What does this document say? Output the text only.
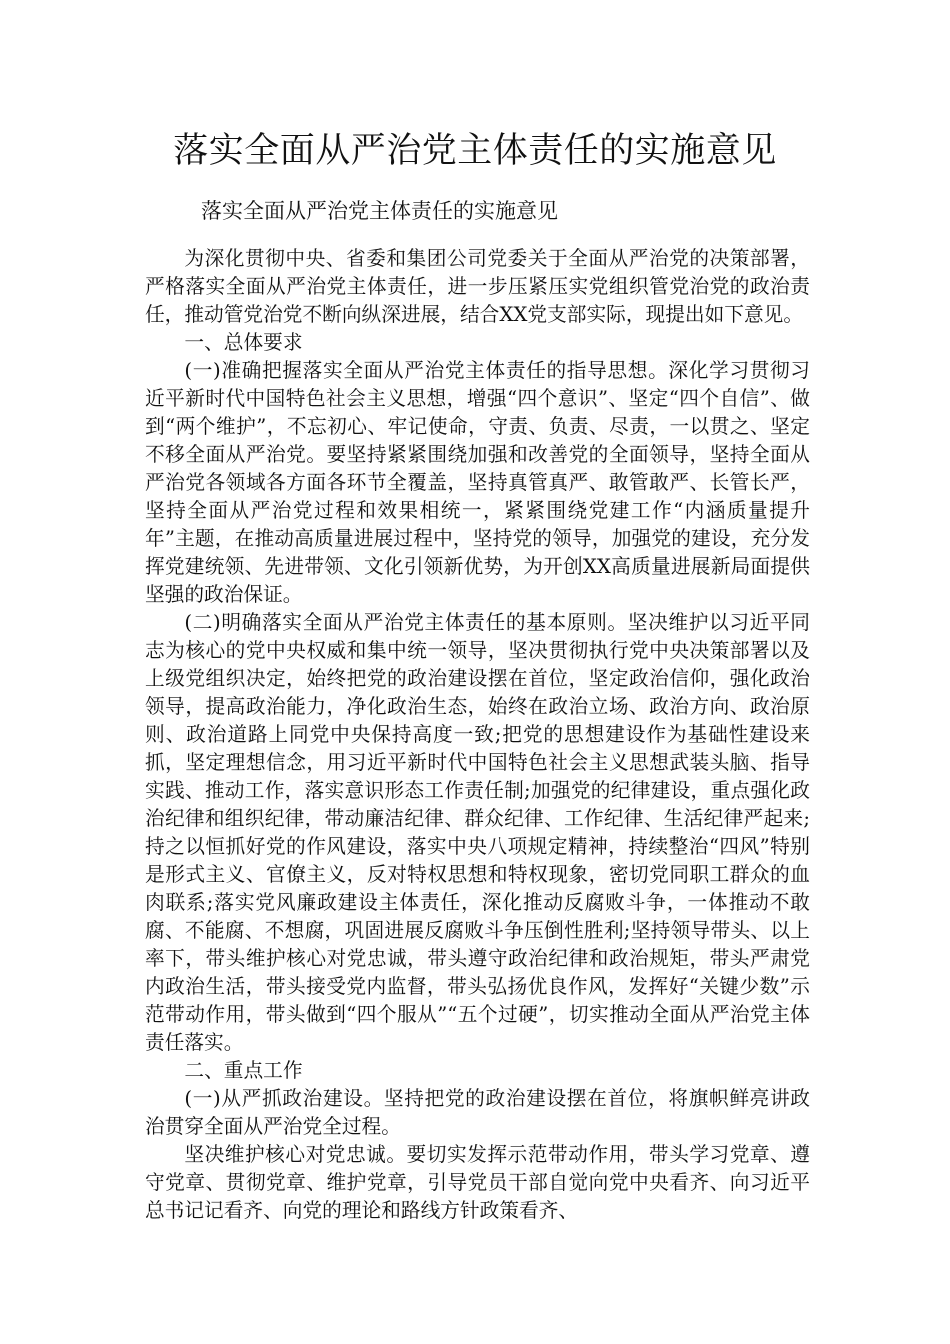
落实全面从严治党主体责任的实施意见
落实全面从严治党主体责任的实施意见

为深化贯彻中央、省委和集团公司党委关于全面从严治党的决策部署，严格落实全面从严治党主体责任，进一步压紧压实党组织管党治党的政治责任，推动管党治党不断向纵深进展，结合XX党支部实际，现提出如下意见。

一、总体要求

(一)准确把握落实全面从严治党主体责任的指导思想。深化学习贯彻习近平新时代中国特色社会主义思想，增强“四个意识”、坚定“四个自信”、做到“两个维护”，不忘初心、牢记使命，守责、负责、尽责，一以贯之、坚定不移全面从严治党。要坚持紧紧围绕加强和改善党的全面领导，坚持全面从严治党各领域各方面各环节全覆盖，坚持真管真严、敢管敢严、长管长严，坚持全面从严治党过程和效果相统一，紧紧围绕党建工作“内涵质量提升年”主题，在推动高质量进展过程中，坚持党的领导，加强党的建设，充分发挥党建统领、先进带领、文化引领新优势，为开创XX高质量进展新局面提供坚强的政治保证。

(二)明确落实全面从严治党主体责任的基本原则。坚决维护以习近平同志为核心的党中央权威和集中统一领导，坚决贯彻执行党中央决策部署以及上级党组织决定，始终把党的政治建设摆在首位，坚定政治信仰，强化政治领导，提高政治能力，净化政治生态，始终在政治立场、政治方向、政治原则、政治道路上同党中央保持高度一致;把党的思想建设作为基础性建设来抓，坚定理想信念，用习近平新时代中国特色社会主义思想武装头脑、指导实践、推动工作，落实意识形态工作责任制;加强党的纪律建设，重点强化政治纪律和组织纪律，带动廉洁纪律、群众纪律、工作纪律、生活纪律严起来;持之以恒抓好党的作风建设，落实中央八项规定精神，持续整治“四风”特别是形式主义、官僚主义，反对特权思想和特权现象，密切党同职工群众的血肉联系;落实党风廉政建设主体责任，深化推动反腐败斗争，一体推动不敢腐、不能腐、不想腐，巩固进展反腐败斗争压倒性胜利;坚持领导带头、以上率下，带头维护核心对党忠诚，带头遵守政治纪律和政治规矩，带头严肃党内政治生活，带头接受党内监督，带头弘扬优良作风，发挥好“关键少数”示范带动作用，带头做到“四个服从”“五个过硬”，切实推动全面从严治党主体责任落实。

二、重点工作

(一)从严抓政治建设。坚持把党的政治建设摆在首位，将旗帜鲜亮讲政治贯穿全面从严治党全过程。

坚决维护核心对党忠诚。要切实发挥示范带动作用，带头学习党章、遵守党章、贯彻党章、维护党章，引导党员干部自觉向党中央看齐、向习近平总书记记看齐、向党的理论和路线方针政策看齐、
